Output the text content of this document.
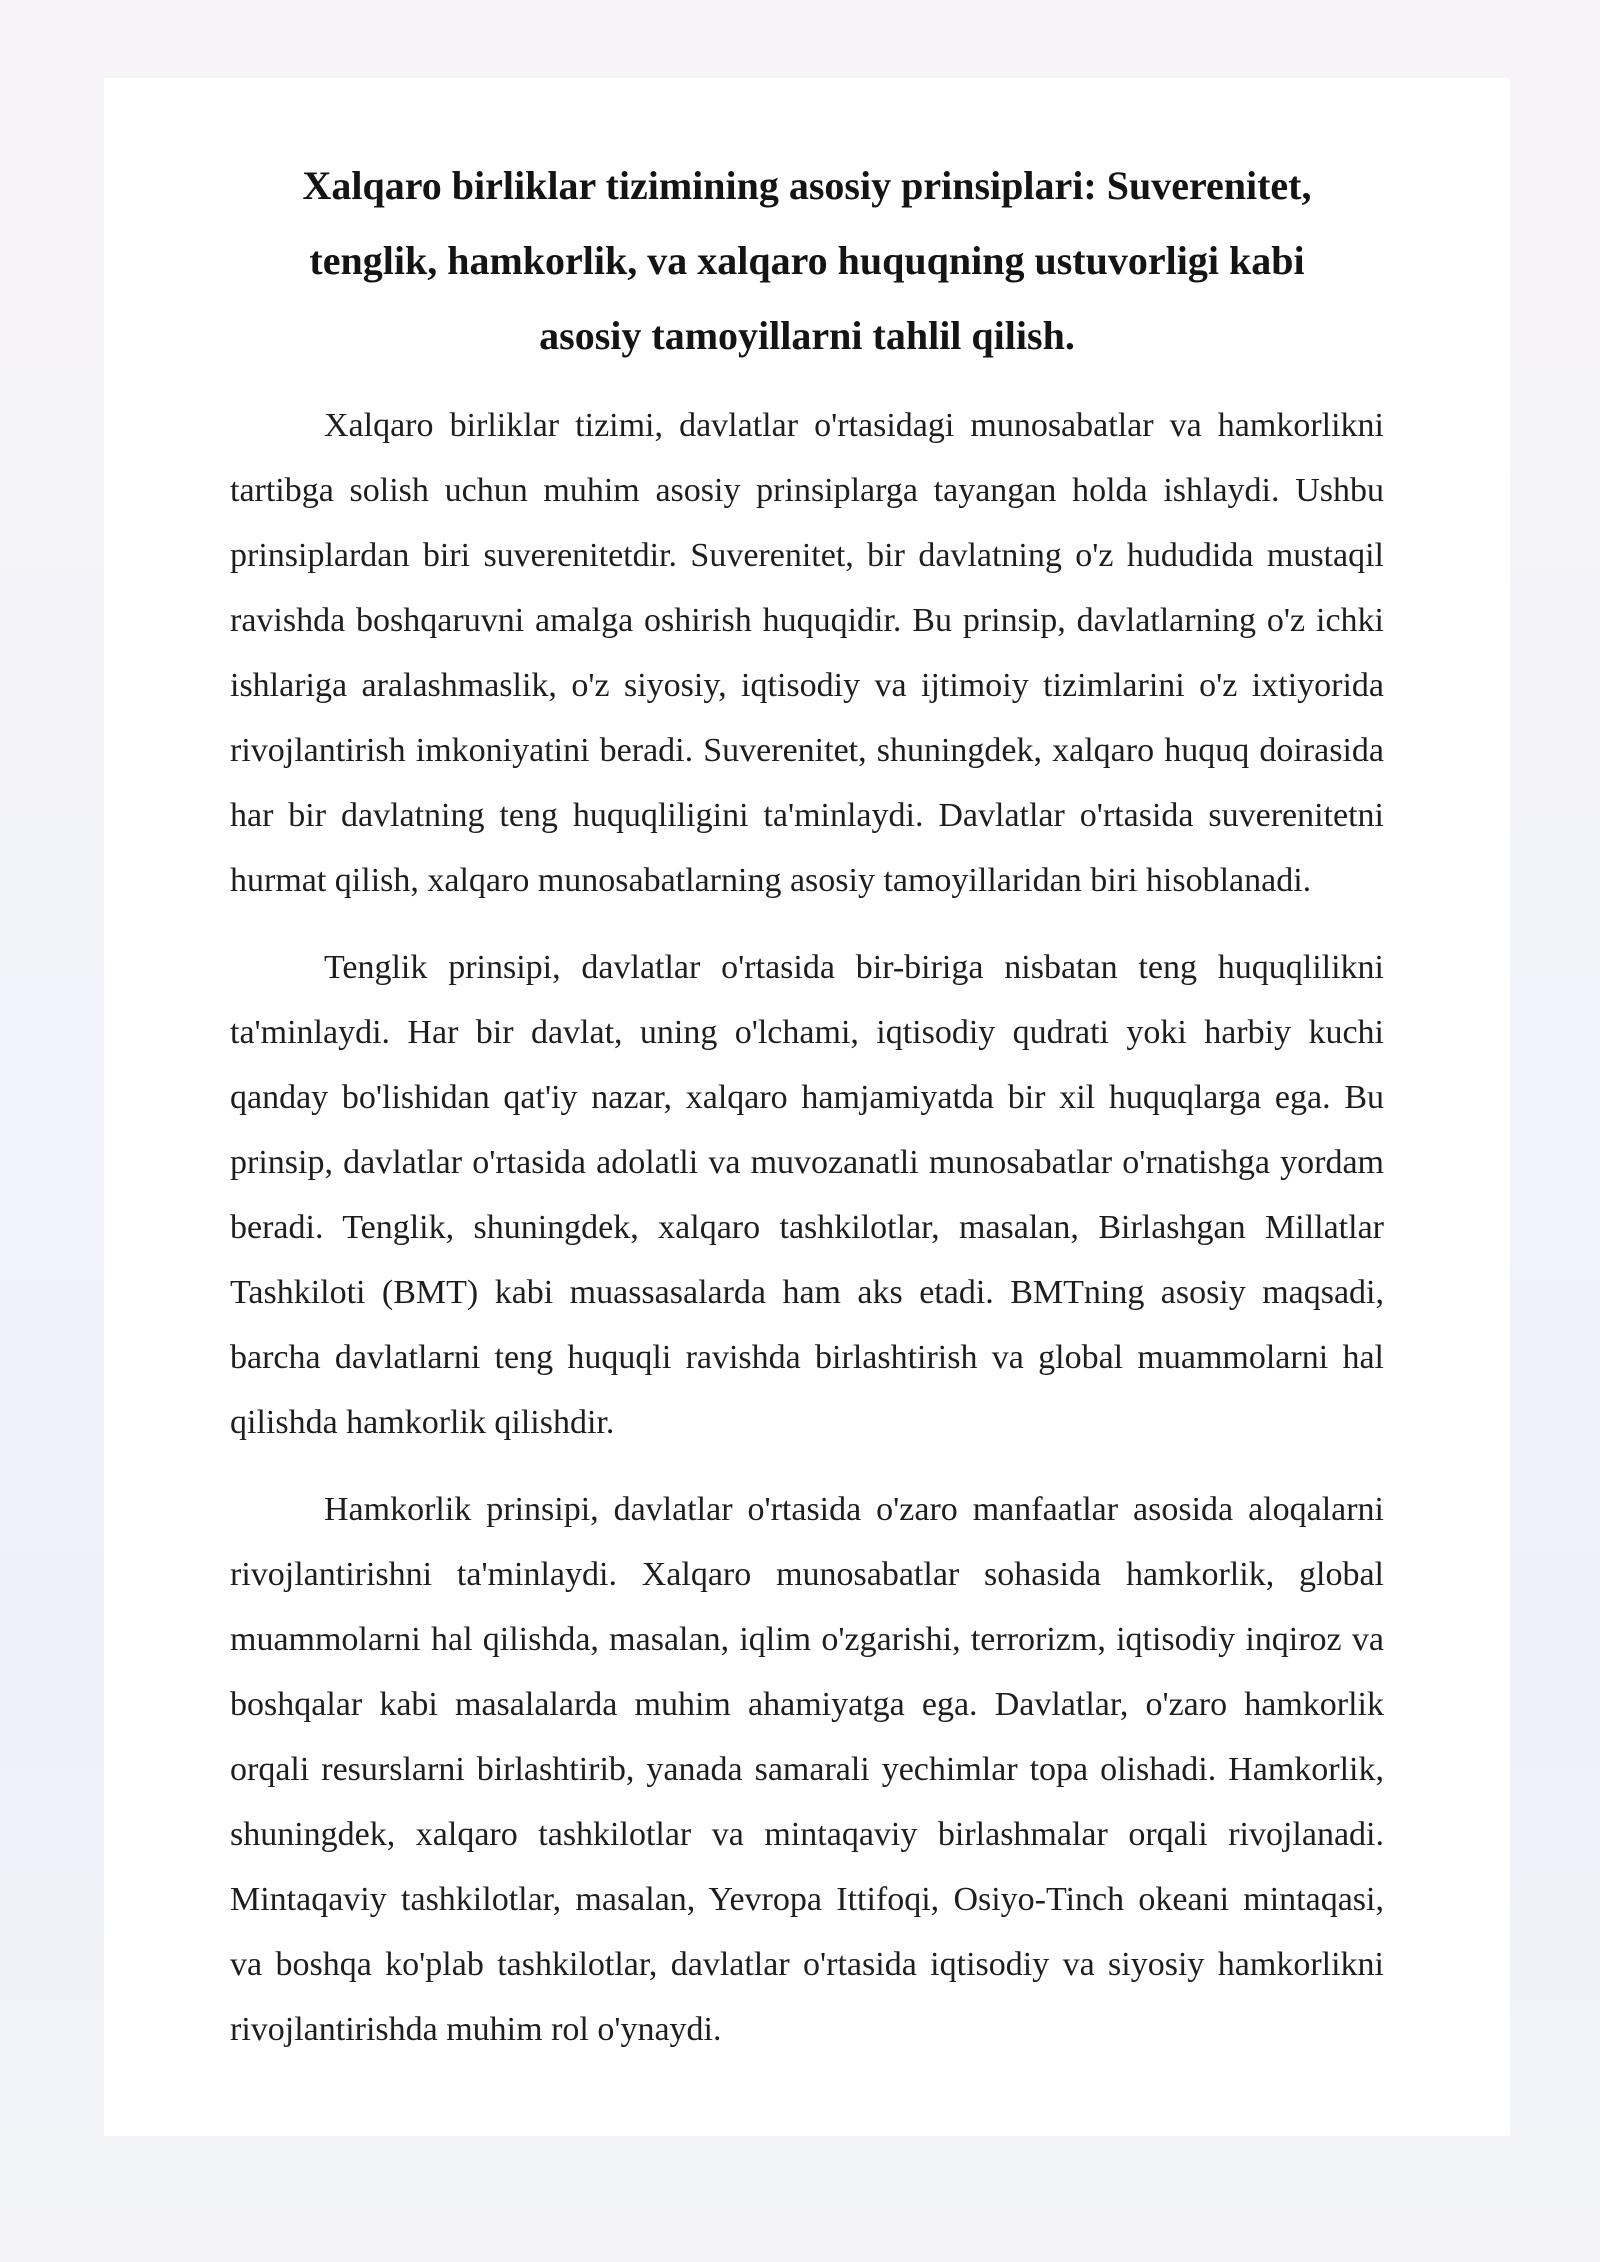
Xalqaro birliklar tizimining asosiy prinsiplari: Suverenitet, tenglik, hamkorlik, va xalqaro huquqning ustuvorligi kabi asosiy tamoyillarni tahlil qilish.

Xalqaro birliklar tizimi, davlatlar o'rtasidagi munosabatlar va hamkorlikni tartibga solish uchun muhim asosiy prinsiplarga tayangan holda ishlaydi. Ushbu prinsiplardan biri suverenitetdir. Suverenitet, bir davlatning o'z hududida mustaqil ravishda boshqaruvni amalga oshirish huquqidir. Bu prinsip, davlatlarning o'z ichki ishlariga aralashmaslik, o'z siyosiy, iqtisodiy va ijtimoiy tizimlarini o'z ixtiyorida rivojlantirish imkoniyatini beradi. Suverenitet, shuningdek, xalqaro huquq doirasida har bir davlatning teng huquqliligini ta'minlaydi. Davlatlar o'rtasida suverenitetni hurmat qilish, xalqaro munosabatlarning asosiy tamoyillaridan biri hisoblanadi.

Tenglik prinsipi, davlatlar o'rtasida bir-biriga nisbatan teng huquqlilikni ta'minlaydi. Har bir davlat, uning o'lchami, iqtisodiy qudrati yoki harbiy kuchi qanday bo'lishidan qat'iy nazar, xalqaro hamjamiyatda bir xil huquqlarga ega. Bu prinsip, davlatlar o'rtasida adolatli va muvozanatli munosabatlar o'rnatishga yordam beradi. Tenglik, shuningdek, xalqaro tashkilotlar, masalan, Birlashgan Millatlar Tashkiloti (BMT) kabi muassasalarda ham aks etadi. BMTning asosiy maqsadi, barcha davlatlarni teng huquqli ravishda birlashtirish va global muammolarni hal qilishda hamkorlik qilishdir.

Hamkorlik prinsipi, davlatlar o'rtasida o'zaro manfaatlar asosida aloqalarni rivojlantirishni ta'minlaydi. Xalqaro munosabatlar sohasida hamkorlik, global muammolarni hal qilishda, masalan, iqlim o'zgarishi, terrorizm, iqtisodiy inqiroz va boshqalar kabi masalalarda muhim ahamiyatga ega. Davlatlar, o'zaro hamkorlik orqali resurslarni birlashtirib, yanada samarali yechimlar topa olishadi. Hamkorlik, shuningdek, xalqaro tashkilotlar va mintaqaviy birlashmalar orqali rivojlanadi. Mintaqaviy tashkilotlar, masalan, Yevropa Ittifoqi, Osiyo-Tinch okeani mintaqasi, va boshqa ko'plab tashkilotlar, davlatlar o'rtasida iqtisodiy va siyosiy hamkorlikni rivojlantirishda muhim rol o'ynaydi.
